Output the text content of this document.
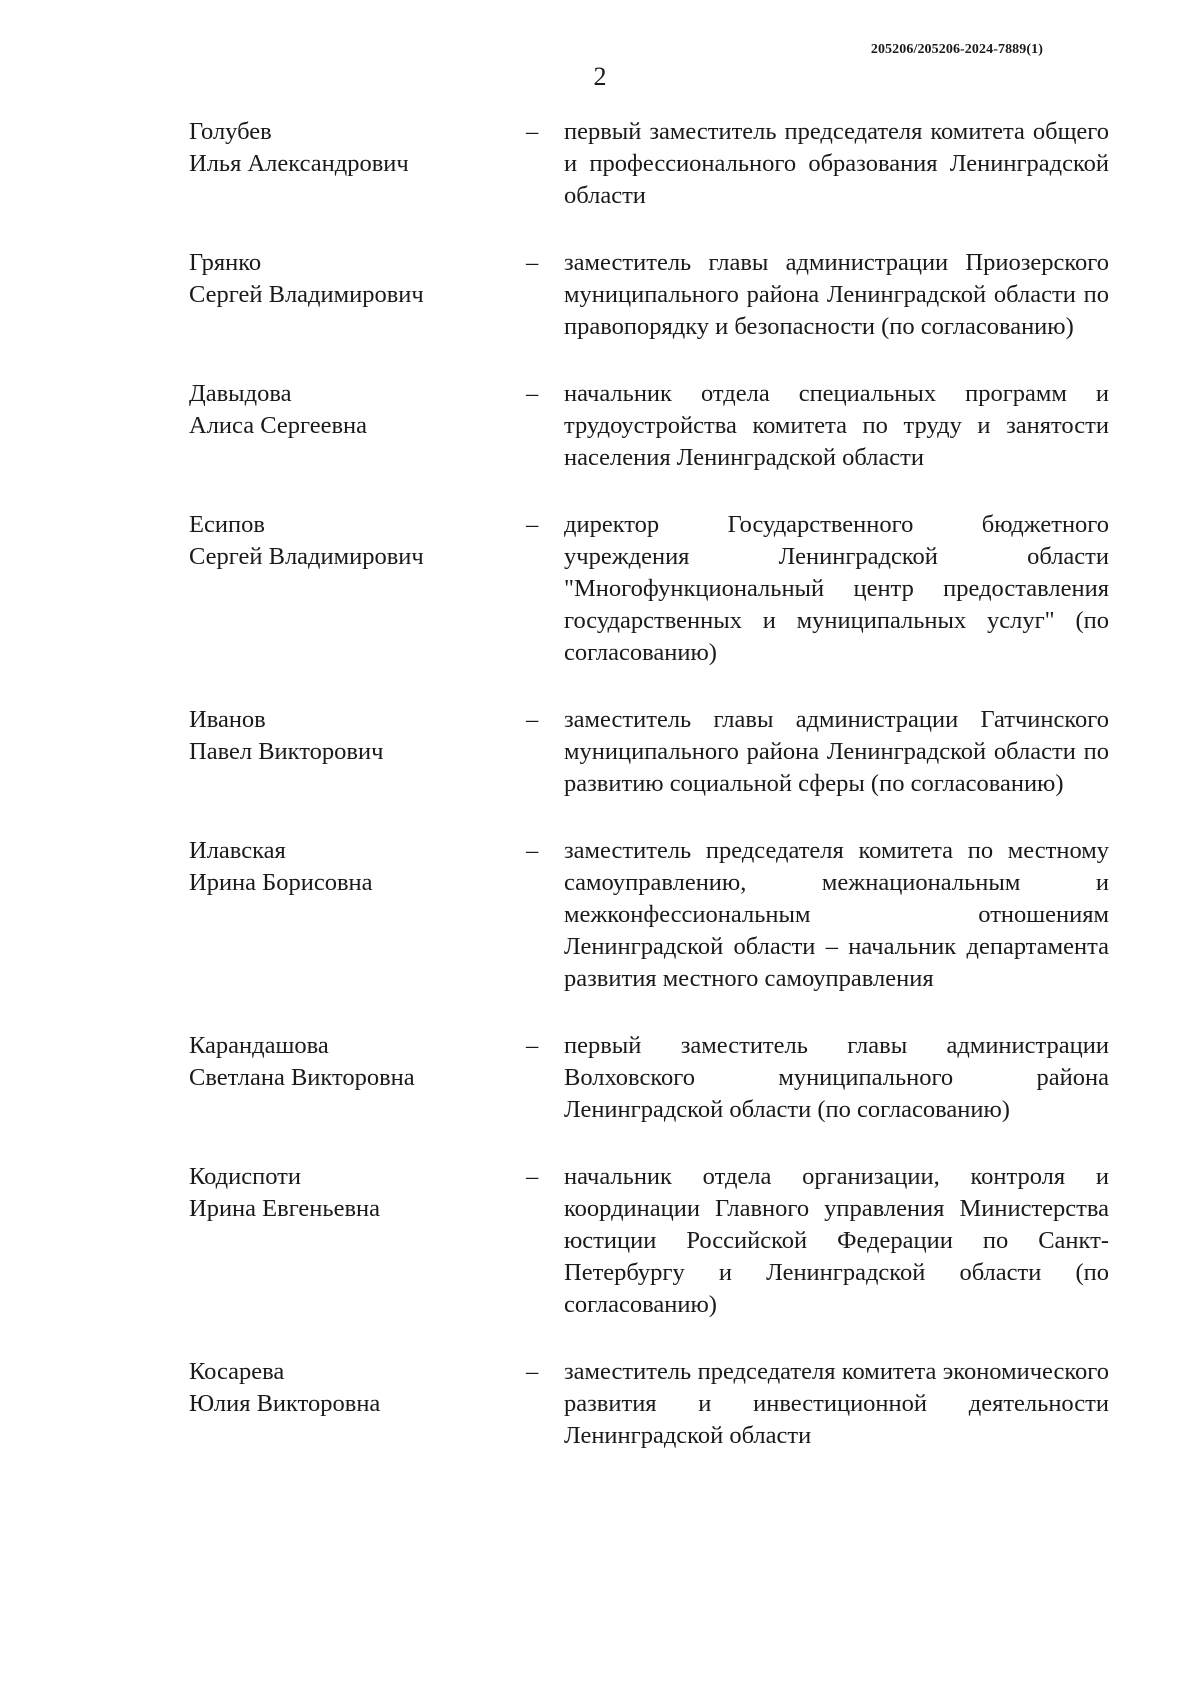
205206/205206-2024-7889(1)
2
Голубев
Илья Александрович
–	первый заместитель председателя комитета общего и профессионального образования Ленинградской области
Грянко
Сергей Владимирович
–	заместитель главы администрации Приозерского муниципального района Ленинградской области по правопорядку и безопасности (по согласованию)
Давыдова
Алиса Сергеевна
–	начальник отдела специальных программ и трудоустройства комитета по труду и занятости населения Ленинградской области
Есипов
Сергей Владимирович
–	директор Государственного бюджетного учреждения Ленинградской области "Многофункциональный центр предоставления государственных и муниципальных услуг" (по согласованию)
Иванов
Павел Викторович
–	заместитель главы администрации Гатчинского муниципального района Ленинградской области по развитию социальной сферы (по согласованию)
Илавская
Ирина Борисовна
–	заместитель председателя комитета по местному самоуправлению, межнациональным и межконфессиональным отношениям Ленинградской области – начальник департамента развития местного самоуправления
Карандашова
Светлана Викторовна
–	первый заместитель главы администрации Волховского муниципального района Ленинградской области (по согласованию)
Кодиспоти
Ирина Евгеньевна
–	начальник отдела организации, контроля и координации Главного управления Министерства юстиции Российской Федерации по Санкт-Петербургу и Ленинградской области (по согласованию)
Косарева
Юлия Викторовна
–	заместитель председателя комитета экономического развития и инвестиционной деятельности Ленинградской области
